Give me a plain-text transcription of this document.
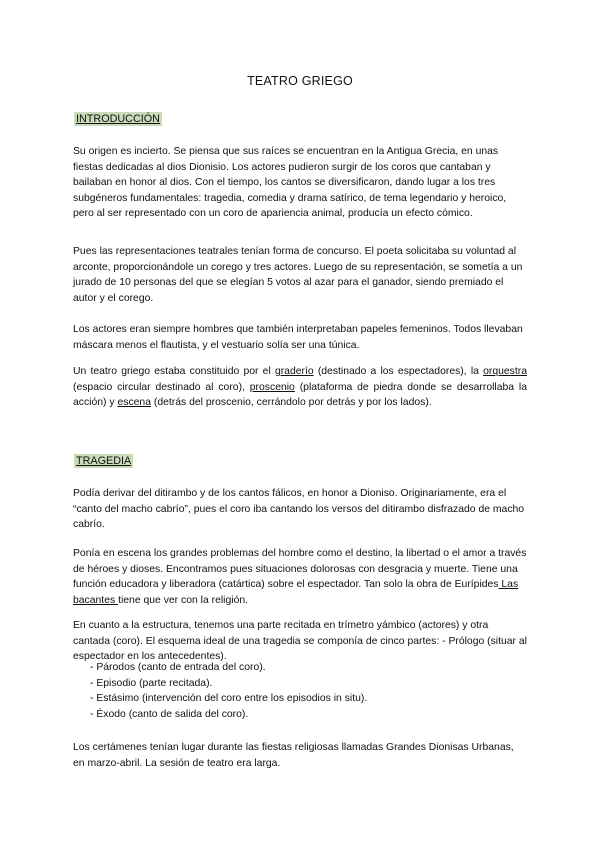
TEATRO GRIEGO
INTRODUCCIÓN
Su origen es incierto. Se piensa que sus raíces se encuentran en la Antigua Grecia, en unas fiestas dedicadas al dios Dionisio. Los actores pudieron surgir de los coros que cantaban y bailaban en honor al dios. Con el tiempo, los cantos se diversificaron, dando lugar a los tres subgéneros fundamentales: tragedia, comedia y drama satírico, de tema legendario y heroico, pero al ser representado con un coro de apariencia animal, producía un efecto cómico.
Pues las representaciones teatrales tenían forma de concurso. El poeta solicitaba su voluntad al arconte, proporcionándole un corego y tres actores. Luego de su representación, se sometía a un jurado de 10 personas del que se elegían 5 votos al azar para el ganador, siendo premiado el autor y el corego.
Los actores eran siempre hombres que también interpretaban papeles femeninos. Todos llevaban máscara menos el flautista, y el vestuario solía ser una túnica.
Un teatro griego estaba constituido por el graderío (destinado a los espectadores), la orquestra (espacio circular destinado al coro), proscenio (plataforma de piedra donde se desarrollaba la acción) y escena (detrás del proscenio, cerrándolo por detrás y por los lados).
TRAGEDIA
Podía derivar del ditirambo y de los cantos fálicos, en honor a Dioniso. Originariamente, era el “canto del macho cabrío”, pues el coro iba cantando los versos del ditirambo disfrazado de macho cabrío.
Ponía en escena los grandes problemas del hombre como el destino, la libertad o el amor a través de héroes y dioses. Encontramos pues situaciones dolorosas con desgracia y muerte. Tiene una función educadora y liberadora (catártica) sobre el espectador. Tan solo la obra de Eurípides Las bacantes tiene que ver con la religión.
En cuanto a la estructura, tenemos una parte recitada en trímetro yámbico (actores) y otra cantada (coro). El esquema ideal de una tragedia se componía de cinco partes: - Prólogo (situar al espectador en los antecedentes).
- Párodos (canto de entrada del coro).
- Episodio (parte recitada).
- Estásimo (intervención del coro entre los episodios in situ).
- Éxodo (canto de salida del coro).
Los certámenes tenían lugar durante las fiestas religiosas llamadas Grandes Dionisas Urbanas, en marzo-abril. La sesión de teatro era larga.
